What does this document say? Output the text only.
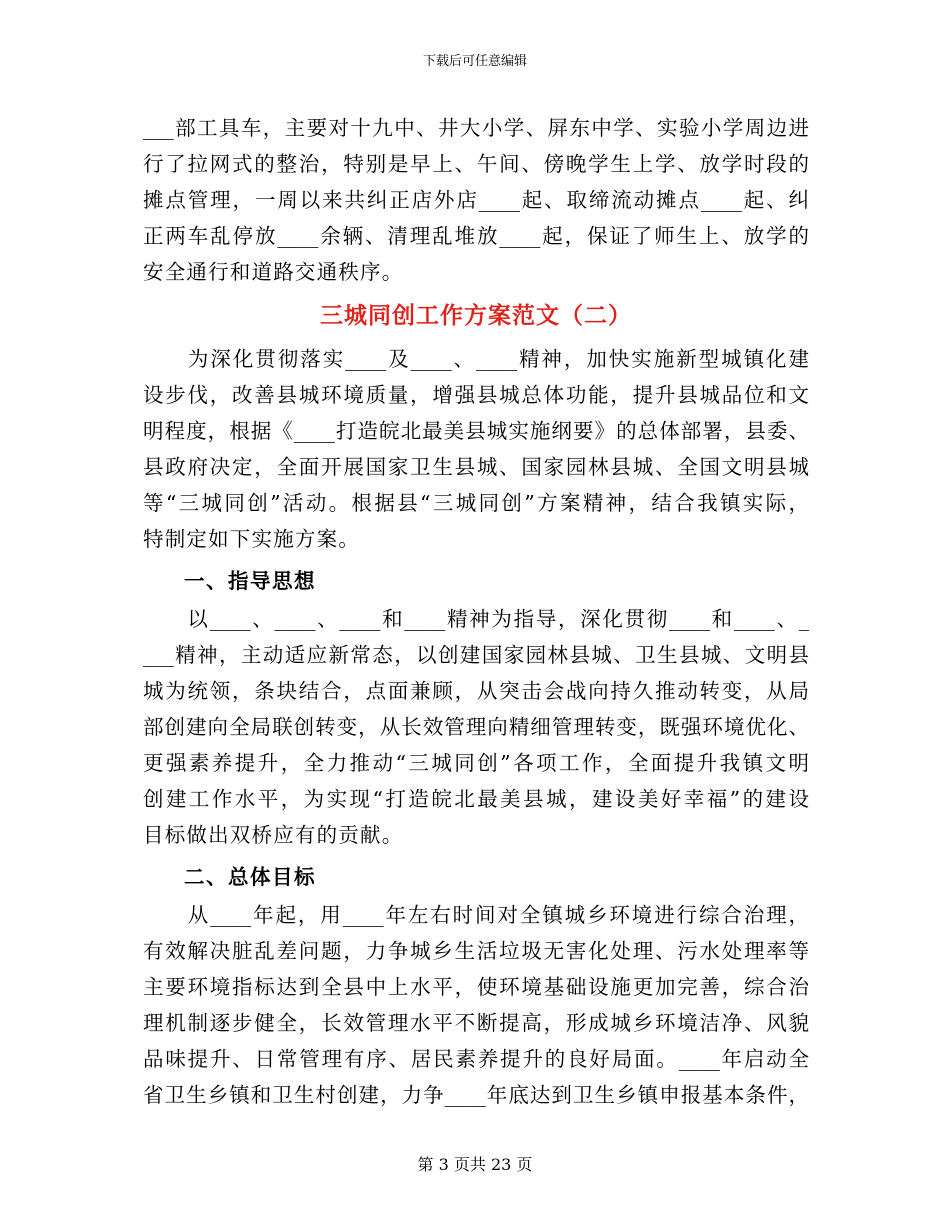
下载后可任意编辑
___部工具车，主要对十九中、井大小学、屏东中学、实验小学周边进
行了拉网式的整治，特别是早上、午间、傍晚学生上学、放学时段的
摊点管理，一周以来共纠正店外店____起、取缔流动摊点____起、纠
正两车乱停放____余辆、清理乱堆放____起，保证了师生上、放学的
安全通行和道路交通秩序。
三城同创工作方案范文（二）
　　为深化贯彻落实____及____、____精神，加快实施新型城镇化建
设步伐，改善县城环境质量，增强县城总体功能，提升县城品位和文
明程度，根据《____打造皖北最美县城实施纲要》的总体部署，县委、
县政府决定，全面开展国家卫生县城、国家园林县城、全国文明县城
等“三城同创”活动。根据县“三城同创”方案精神，结合我镇实际，
特制定如下实施方案。
一、指导思想
　　以____、____、____和____精神为指导，深化贯彻____和____、_
___精神，主动适应新常态，以创建国家园林县城、卫生县城、文明县
城为统领，条块结合，点面兼顾，从突击会战向持久推动转变，从局
部创建向全局联创转变，从长效管理向精细管理转变，既强环境优化、
更强素养提升，全力推动“三城同创”各项工作，全面提升我镇文明
创建工作水平，为实现“打造皖北最美县城，建设美好幸福”的建设
目标做出双桥应有的贡献。
二、总体目标
　　从____年起，用____年左右时间对全镇城乡环境进行综合治理，
有效解决脏乱差问题，力争城乡生活垃圾无害化处理、污水处理率等
主要环境指标达到全县中上水平，使环境基础设施更加完善，综合治
理机制逐步健全，长效管理水平不断提高，形成城乡环境洁净、风貌
品味提升、日常管理有序、居民素养提升的良好局面。____年启动全
省卫生乡镇和卫生村创建，力争____年底达到卫生乡镇申报基本条件，
第 3 页共 23 页
